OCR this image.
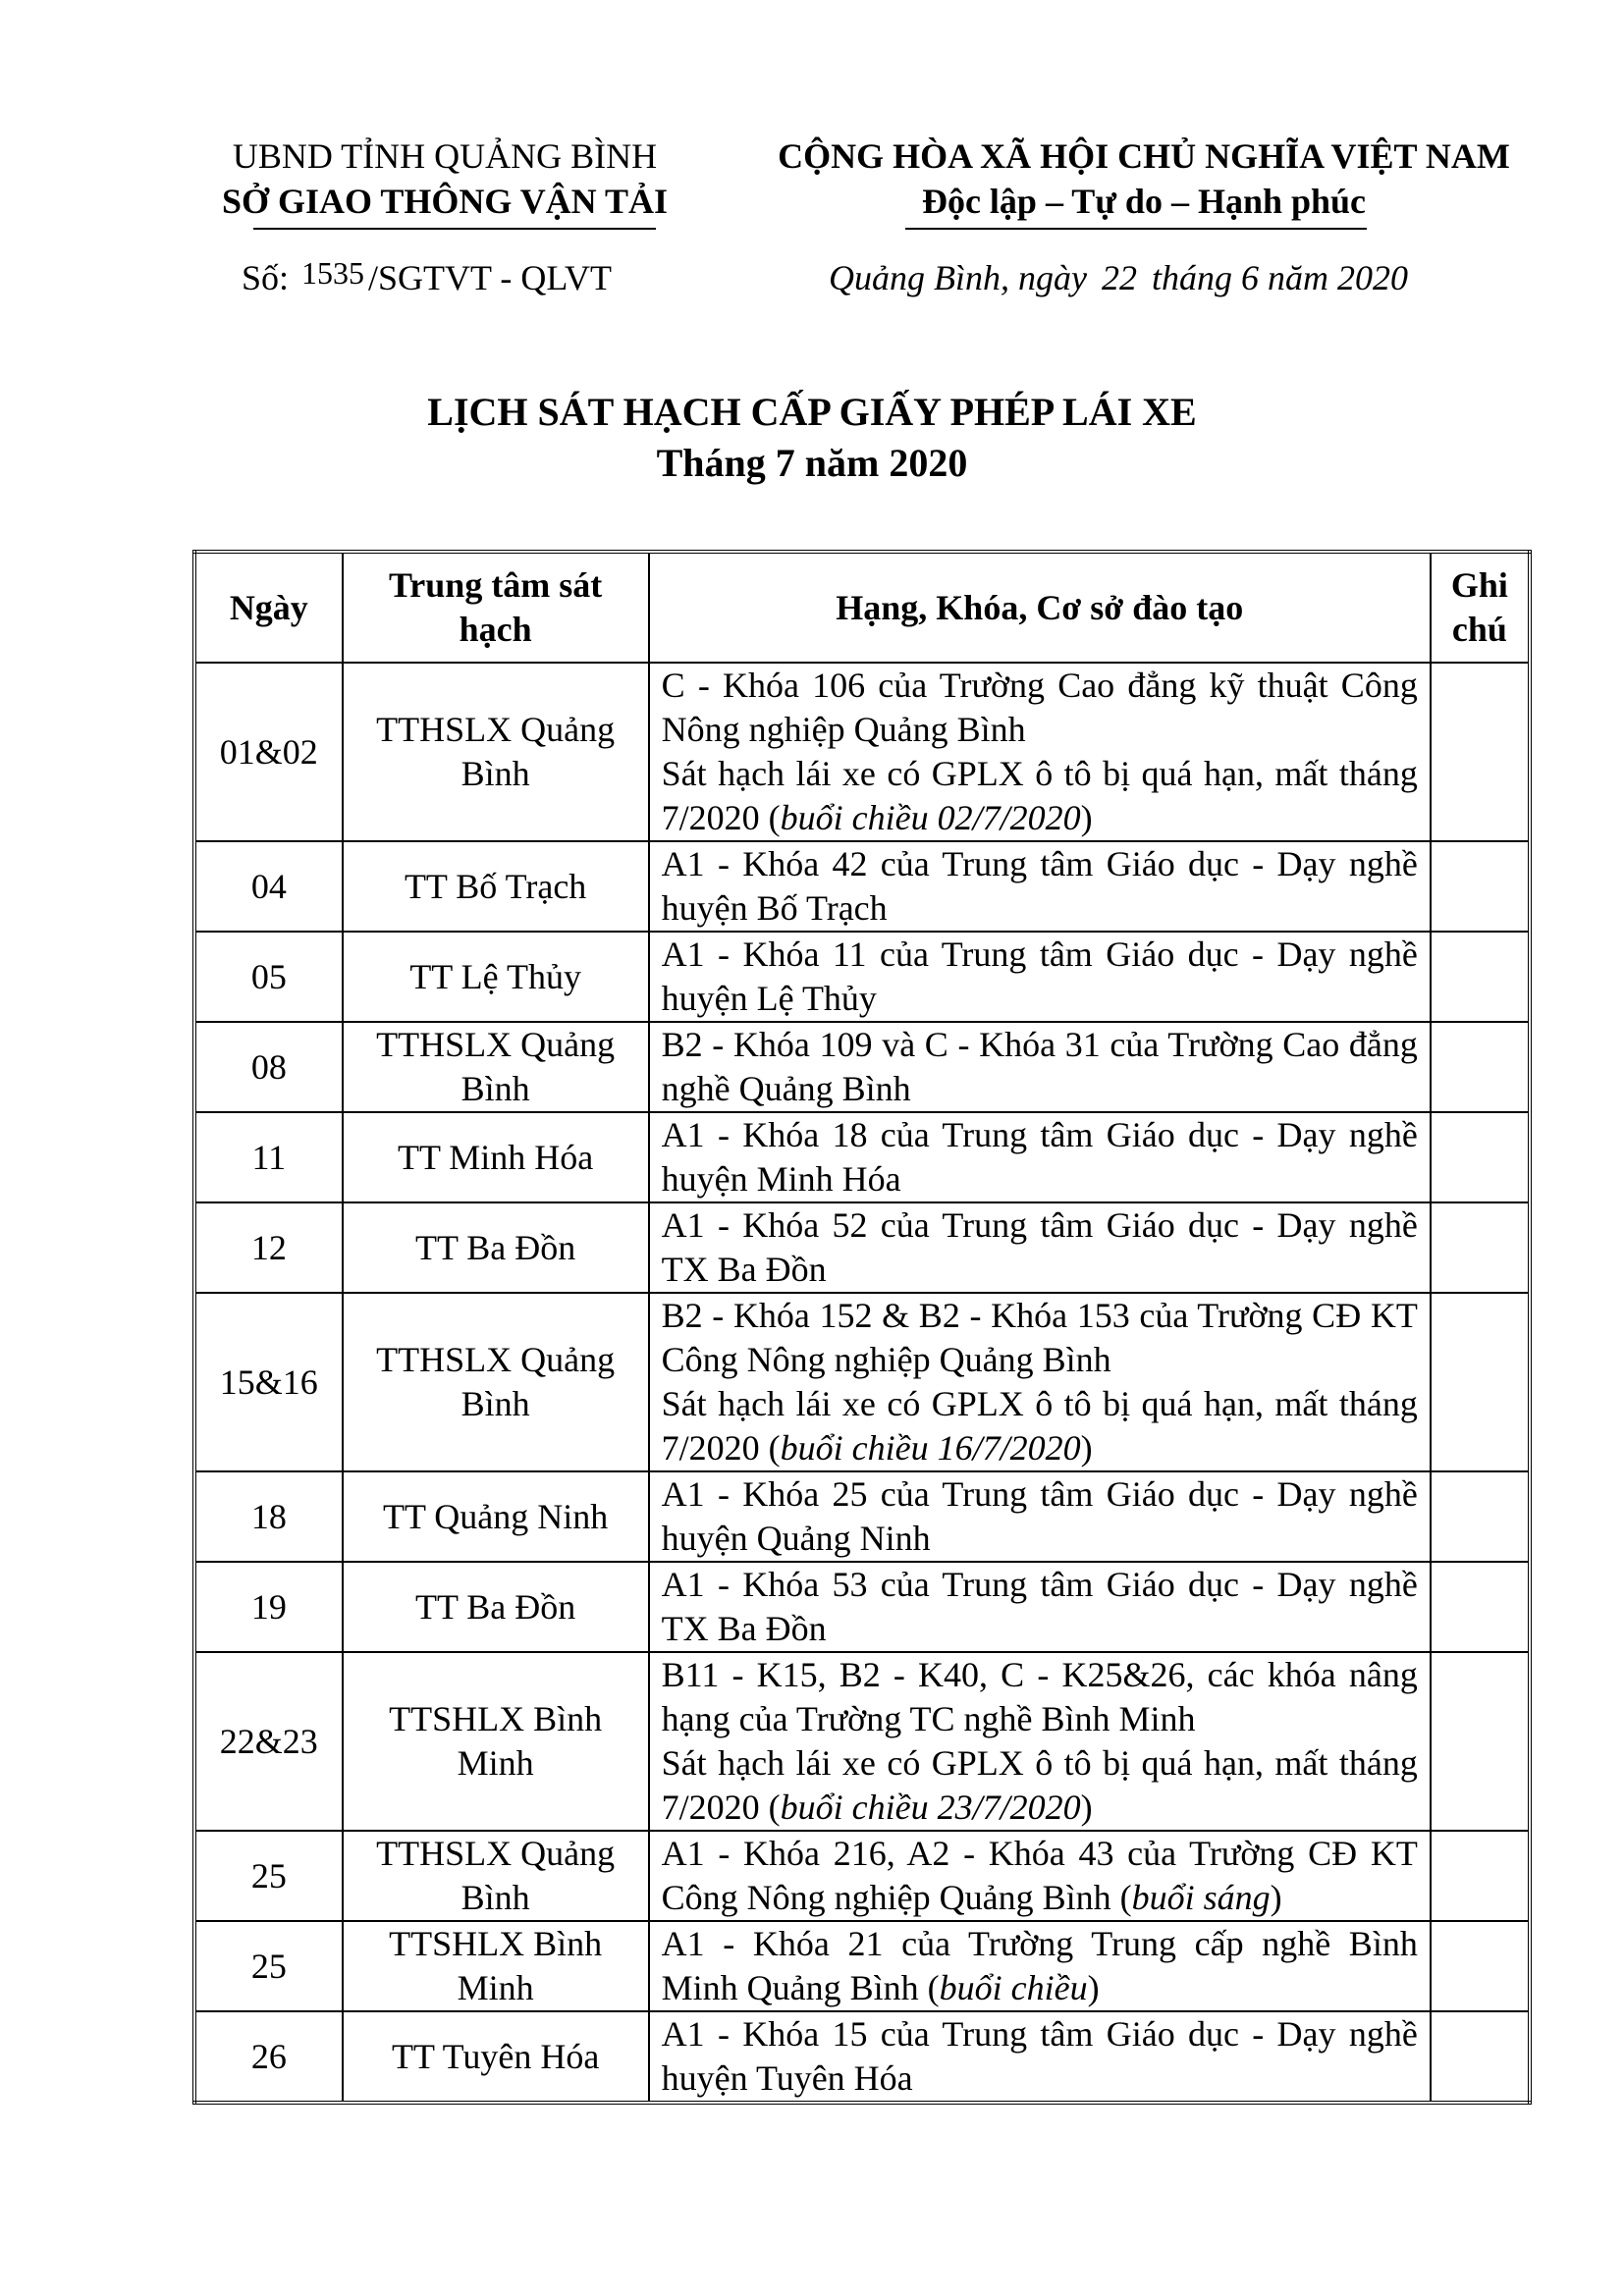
UBND TỈNH QUẢNG BÌNH
SỞ GIAO THÔNG VẬN TẢI
CỘNG HÒA XÃ HỘI CHỦ NGHĨA VIỆT NAM
Độc lập – Tự do – Hạnh phúc
Số: 1535 /SGTVT - QLVT	Quảng Bình, ngày 22 tháng 6 năm 2020
LỊCH SÁT HẠCH CẤP GIẤY PHÉP LÁI XE
Tháng 7 năm 2020
Ngày	Trung tâm sát hạch	Hạng, Khóa, Cơ sở đào tạo	Ghi
chú

01&02	TTHSLX Quảng Bình	C - Khóa 106 của Trường Cao đẳng kỹ thuật Công Nông nghiệp Quảng Bình
Sát hạch lái xe có GPLX ô tô bị quá hạn, mất tháng 7/2020 (buổi chiều 02/7/2020)	

04	TT Bố Trạch	A1 - Khóa 42 của Trung tâm Giáo dục - Dạy nghề huyện Bố Trạch	

05	TT Lệ Thủy	A1 - Khóa 11 của Trung tâm Giáo dục - Dạy nghề huyện Lệ Thủy	

08	TTHSLX Quảng Bình	B2 - Khóa 109 và C - Khóa 31 của Trường Cao đẳng nghề Quảng Bình	

11	TT Minh Hóa	A1 - Khóa 18 của Trung tâm Giáo dục - Dạy nghề huyện Minh Hóa	

12	TT Ba Đồn	A1 - Khóa 52 của Trung tâm Giáo dục - Dạy nghề TX Ba Đồn	

15&16	TTHSLX Quảng Bình	B2 - Khóa 152 & B2 - Khóa 153 của Trường CĐ KT Công Nông nghiệp Quảng Bình
Sát hạch lái xe có GPLX ô tô bị quá hạn, mất tháng 7/2020 (buổi chiều 16/7/2020)	

18	TT Quảng Ninh	A1 - Khóa 25 của Trung tâm Giáo dục - Dạy nghề huyện Quảng Ninh	

19	TT Ba Đồn	A1 - Khóa 53 của Trung tâm Giáo dục - Dạy nghề TX Ba Đồn	

22&23	TTSHLX Bình Minh	B11 - K15, B2 - K40, C - K25&26, các khóa nâng hạng của Trường TC nghề Bình Minh
Sát hạch lái xe có GPLX ô tô bị quá hạn, mất tháng 7/2020 (buổi chiều 23/7/2020)	

25	TTHSLX Quảng Bình	A1 - Khóa 216, A2 - Khóa 43 của Trường CĐ KT Công Nông nghiệp Quảng Bình (buổi sáng)	

25	TTSHLX Bình Minh	A1 - Khóa 21 của Trường Trung cấp nghề Bình Minh Quảng Bình (buổi chiều)	

26	TT Tuyên Hóa	A1 - Khóa 15 của Trung tâm Giáo dục - Dạy nghề huyện Tuyên Hóa	
